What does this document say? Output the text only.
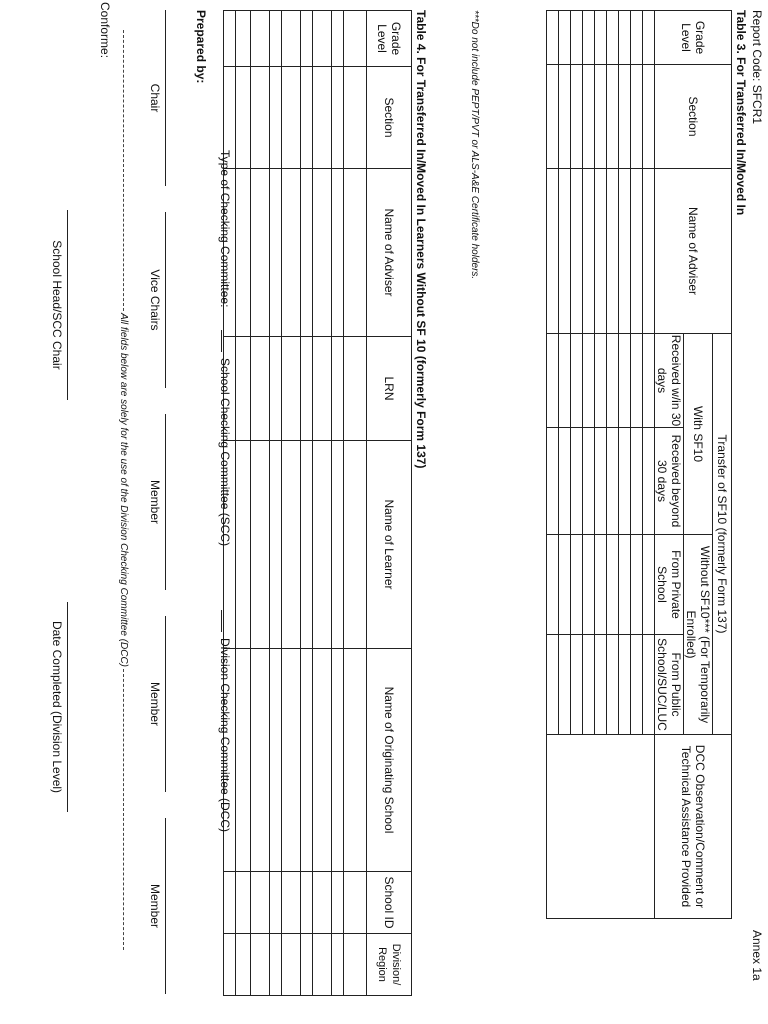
Report Code: SFCR1
Annex 1a
Table 3. For Transferred In/Moved In
Grade Level	Section	Name of Adviser	Transfer of SF10 (formerly Form 137)				DCC Observation/Comment or Technical Assistance Provided
			With SF10		Without SF10*** (For Temporarily Enrolled)		
			Received w/in 30 days	Received beyond 30 days	From Private School	From Public School/SUC/LUC	

***Do not include PEPT/PVT or ALS-A&E Certificate holders.
Table 4. For Transferred In/Moved In Learners Without SF 10 (formerly Form 137)
Grade Level	Section	Name of Adviser	LRN	Name of Learner	Name of Originating School	School ID	Division/ Region

Type of Checking Committee:
School Checking Committee (SCC)
Division Checking Committee (DCC)
Prepared by:
Chair
Vice Chairs
Member
Member
Member
All fields below are solely for the use of the Division Checking Committee (DCC)
Conforme:
School Head/SCC Chair
Date Completed (Division Level)
